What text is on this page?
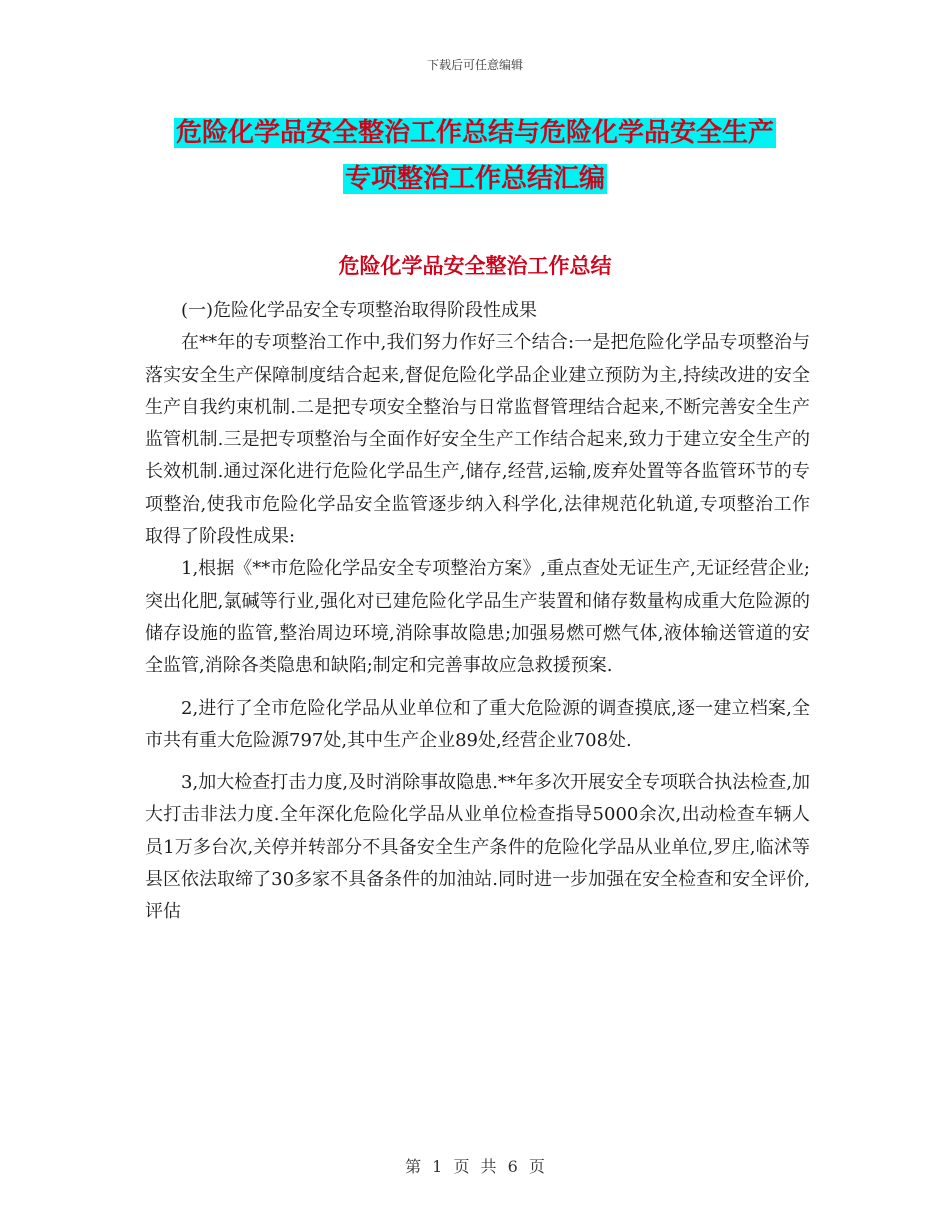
下载后可任意编辑
危险化学品安全整治工作总结与危险化学品安全生产
专项整治工作总结汇编
危险化学品安全整治工作总结

(一)危险化学品安全专项整治取得阶段性成果

在**年的专项整治工作中,我们努力作好三个结合:一是把危险化学品专项整治与落实安全生产保障制度结合起来,督促危险化学品企业建立预防为主,持续改进的安全生产自我约束机制.二是把专项安全整治与日常监督管理结合起来,不断完善安全生产监管机制.三是把专项整治与全面作好安全生产工作结合起来,致力于建立安全生产的长效机制.通过深化进行危险化学品生产,储存,经营,运输,废弃处置等各监管环节的专项整治,使我市危险化学品安全监管逐步纳入科学化,法律规范化轨道,专项整治工作取得了阶段性成果:

1,根据《**市危险化学品安全专项整治方案》,重点查处无证生产,无证经营企业;突出化肥,氯碱等行业,强化对已建危险化学品生产装置和储存数量构成重大危险源的储存设施的监管,整治周边环境,消除事故隐患;加强易燃可燃气体,液体输送管道的安全监管,消除各类隐患和缺陷;制定和完善事故应急救援预案.

2,进行了全市危险化学品从业单位和了重大危险源的调查摸底,逐一建立档案,全市共有重大危险源797处,其中生产企业89处,经营企业708处.

3,加大检查打击力度,及时消除事故隐患.**年多次开展安全专项联合执法检查,加大打击非法力度.全年深化危险化学品从业单位检查指导5000余次,出动检查车辆人员1万多台次,关停并转部分不具备安全生产条件的危险化学品从业单位,罗庄,临沭等县区依法取缔了30多家不具备条件的加油站.同时进一步加强在安全检查和安全评价,评估

第 1 页 共 6 页
